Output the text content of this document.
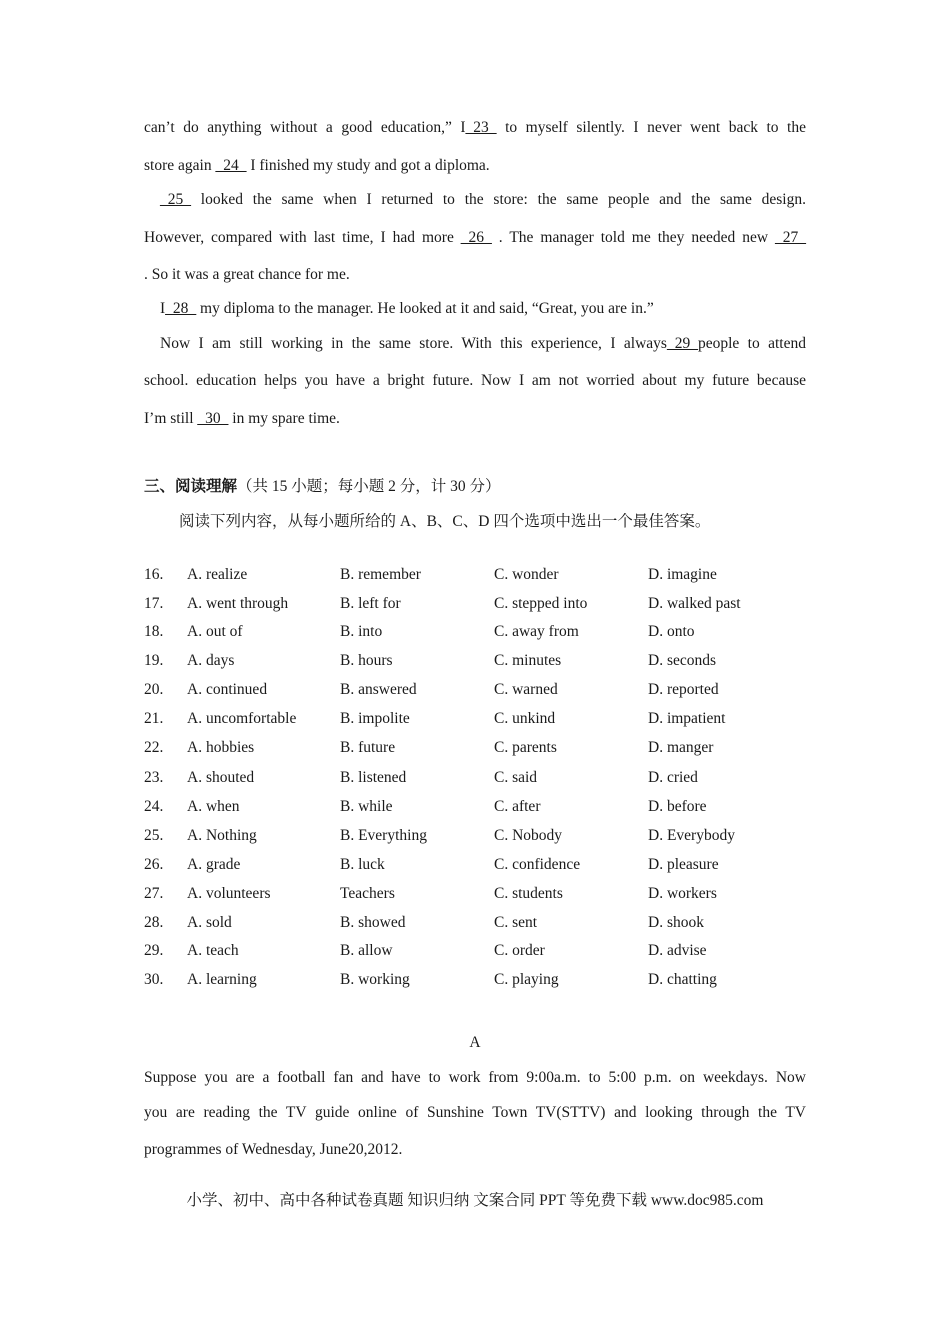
can’t do anything without a good education,” I_23_ to myself silently. I never went back to the
store again _24_ I finished my study and got a diploma.
_25_ looked the same when I returned to the store: the same people and the same design.
However, compared with last time, I had more _26_ . The manager told me they needed new _27_
. So it was a great chance for me.
I_28_ my diploma to the manager. He looked at it and said, “Great, you are in.”
Now I am still working in the same store. With this experience, I always_29_people to attend
school. education helps you have a bright future. Now I am not worried about my future because
I’m still _30_ in my spare time.
三、阅读理解（共 15 小题；每小题 2 分，计 30 分）
阅读下列内容，从每小题所给的 A、B、C、D 四个选项中选出一个最佳答案。
16. A. realize	B. remember	C. wonder	D. imagine
17. A. went through	B. left for	C. stepped into	D. walked past
18. A. out of	B. into	C. away from	D. onto
19. A. days	B. hours	C. minutes	D. seconds
20. A. continued	B. answered	C. warned	D. reported
21. A. uncomfortable	B. impolite	C. unkind	D. impatient
22. A. hobbies	B. future	C. parents	D. manger
23. A. shouted	B. listened	C. said	D. cried
24. A. when	B. while	C. after	D. before
25. A. Nothing	B. Everything	C. Nobody	D. Everybody
26. A. grade	B. luck	C. confidence	D. pleasure
27. A. volunteers	Teachers	C. students	D. workers
28. A. sold	B. showed	C. sent	D. shook
29. A. teach	B. allow	C. order	D. advise
30. A. learning	B. working	C. playing	D. chatting
A
Suppose you are a football fan and have to work from 9:00a.m. to 5:00 p.m. on weekdays. Now
you are reading the TV guide online of Sunshine Town TV(STTV) and looking through the TV
programmes of Wednesday, June20,2012.
小学、初中、高中各种试卷真题 知识归纳 文案合同 PPT 等免费下载 www.doc985.com
